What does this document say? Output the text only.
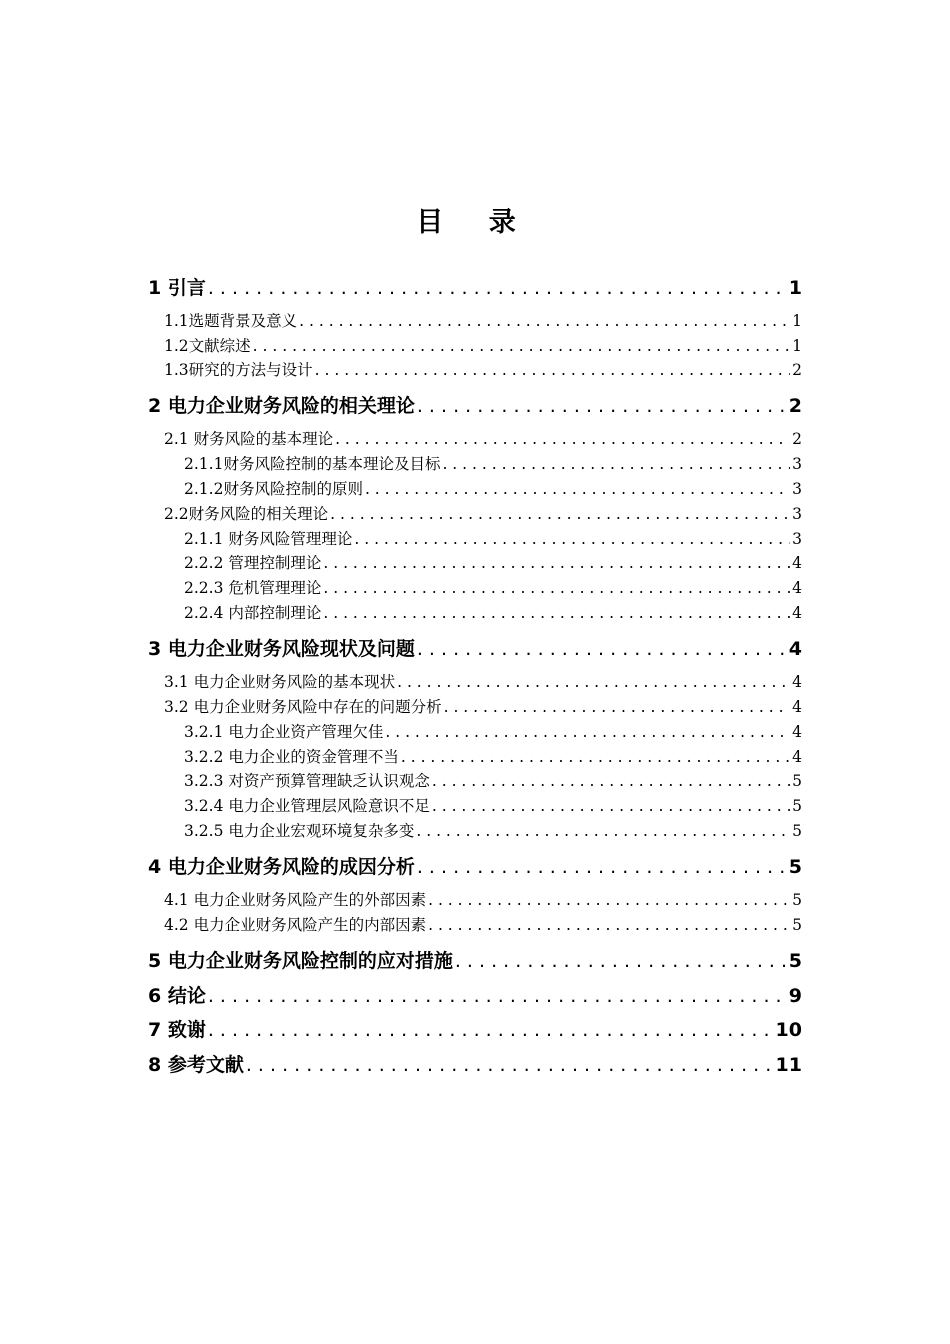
目 录
1 引言 . . .	1
1.1选题背景及意义 . . .	1
1.2文献综述 . . .	1
1.3研究的方法与设计 . . .	2
2 电力企业财务风险的相关理论 . . .	2
2.1 财务风险的基本理论 . . .	2
2.1.1财务风险控制的基本理论及目标 . . .	3
2.1.2财务风险控制的原则 . . .	3
2.2财务风险的相关理论 . . .	3
2.1.1 财务风险管理理论 . . .	3
2.2.2 管理控制理论 . . .	4
2.2.3 危机管理理论 . . .	4
2.2.4 内部控制理论 . . .	4
3 电力企业财务风险现状及问题 . . .	4
3.1 电力企业财务风险的基本现状 . . .	4
3.2 电力企业财务风险中存在的问题分析 . . .	4
3.2.1 电力企业资产管理欠佳 . . .	4
3.2.2 电力企业的资金管理不当 . . .	4
3.2.3 对资产预算管理缺乏认识观念 . . .	5
3.2.4 电力企业管理层风险意识不足 . . .	5
3.2.5 电力企业宏观环境复杂多变 . . .	5
4 电力企业财务风险的成因分析 . . .	5
4.1 电力企业财务风险产生的外部因素 . . .	5
4.2 电力企业财务风险产生的内部因素 . . .	5
5 电力企业财务风险控制的应对措施 . . .	5
6 结论 . . .	9
7 致谢 . . .	10
8 参考文献 . . .	11
